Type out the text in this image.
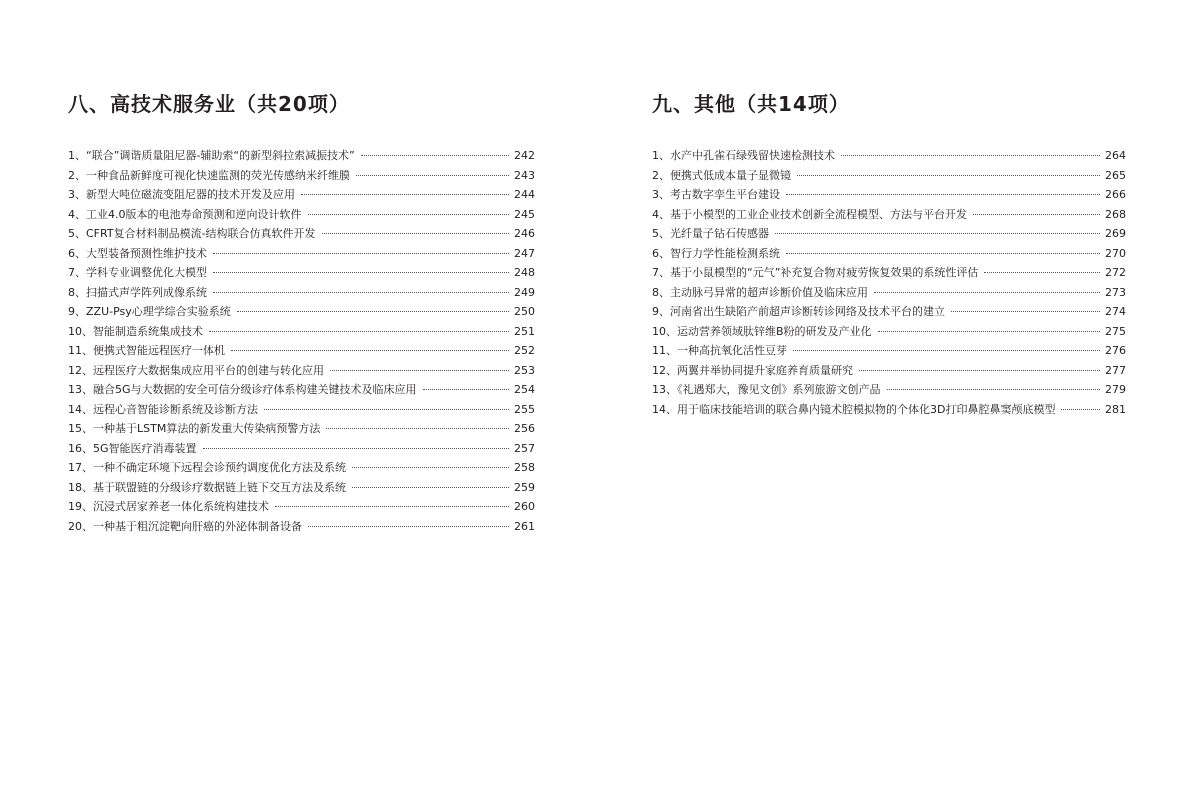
八、高技术服务业（共20项）
1、“联合”调谐质量阻尼器-辅助索“的新型斜拉索减振技术”	242
2、一种食品新鲜度可视化快速监测的荧光传感纳米纤维膜	243
3、新型大吨位磁流变阻尼器的技术开发及应用	244
4、工业4.0版本的电池寿命预测和逆向设计软件	245
5、CFRT复合材料制品模流-结构联合仿真软件开发	246
6、大型装备预测性维护技术	247
7、学科专业调整优化大模型	248
8、扫描式声学阵列成像系统	249
9、ZZU-Psy心理学综合实验系统	250
10、智能制造系统集成技术	251
11、便携式智能远程医疗一体机	252
12、远程医疗大数据集成应用平台的创建与转化应用	253
13、融合5G与大数据的安全可信分级诊疗体系构建关键技术及临床应用	254
14、远程心音智能诊断系统及诊断方法	255
15、一种基于LSTM算法的新发重大传染病预警方法	256
16、5G智能医疗消毒装置	257
17、一种不确定环境下远程会诊预约调度优化方法及系统	258
18、基于联盟链的分级诊疗数据链上链下交互方法及系统	259
19、沉浸式居家养老一体化系统构建技术	260
20、一种基于粗沉淀靶向肝癌的外泌体制备设备	261
九、其他（共14项）
1、水产中孔雀石绿残留快速检测技术	264
2、便携式低成本量子显微镜	265
3、考古数字孪生平台建设	266
4、基于小模型的工业企业技术创新全流程模型、方法与平台开发	268
5、光纤量子钻石传感器	269
6、智行力学性能检测系统	270
7、基于小鼠模型的“元气”补充复合物对疲劳恢复效果的系统性评估	272
8、主动脉弓异常的超声诊断价值及临床应用	273
9、河南省出生缺陷产前超声诊断转诊网络及技术平台的建立	274
10、运动营养领域肽锌维B粉的研发及产业化	275
11、一种高抗氧化活性豆芽	276
12、两翼并举协同提升家庭养育质量研究	277
13、《礼遇郑大，豫见文创》系列旅游文创产品	279
14、用于临床技能培训的联合鼻内镜术腔模拟物的个体化3D打印鼻腔鼻窦颅底模型	281
